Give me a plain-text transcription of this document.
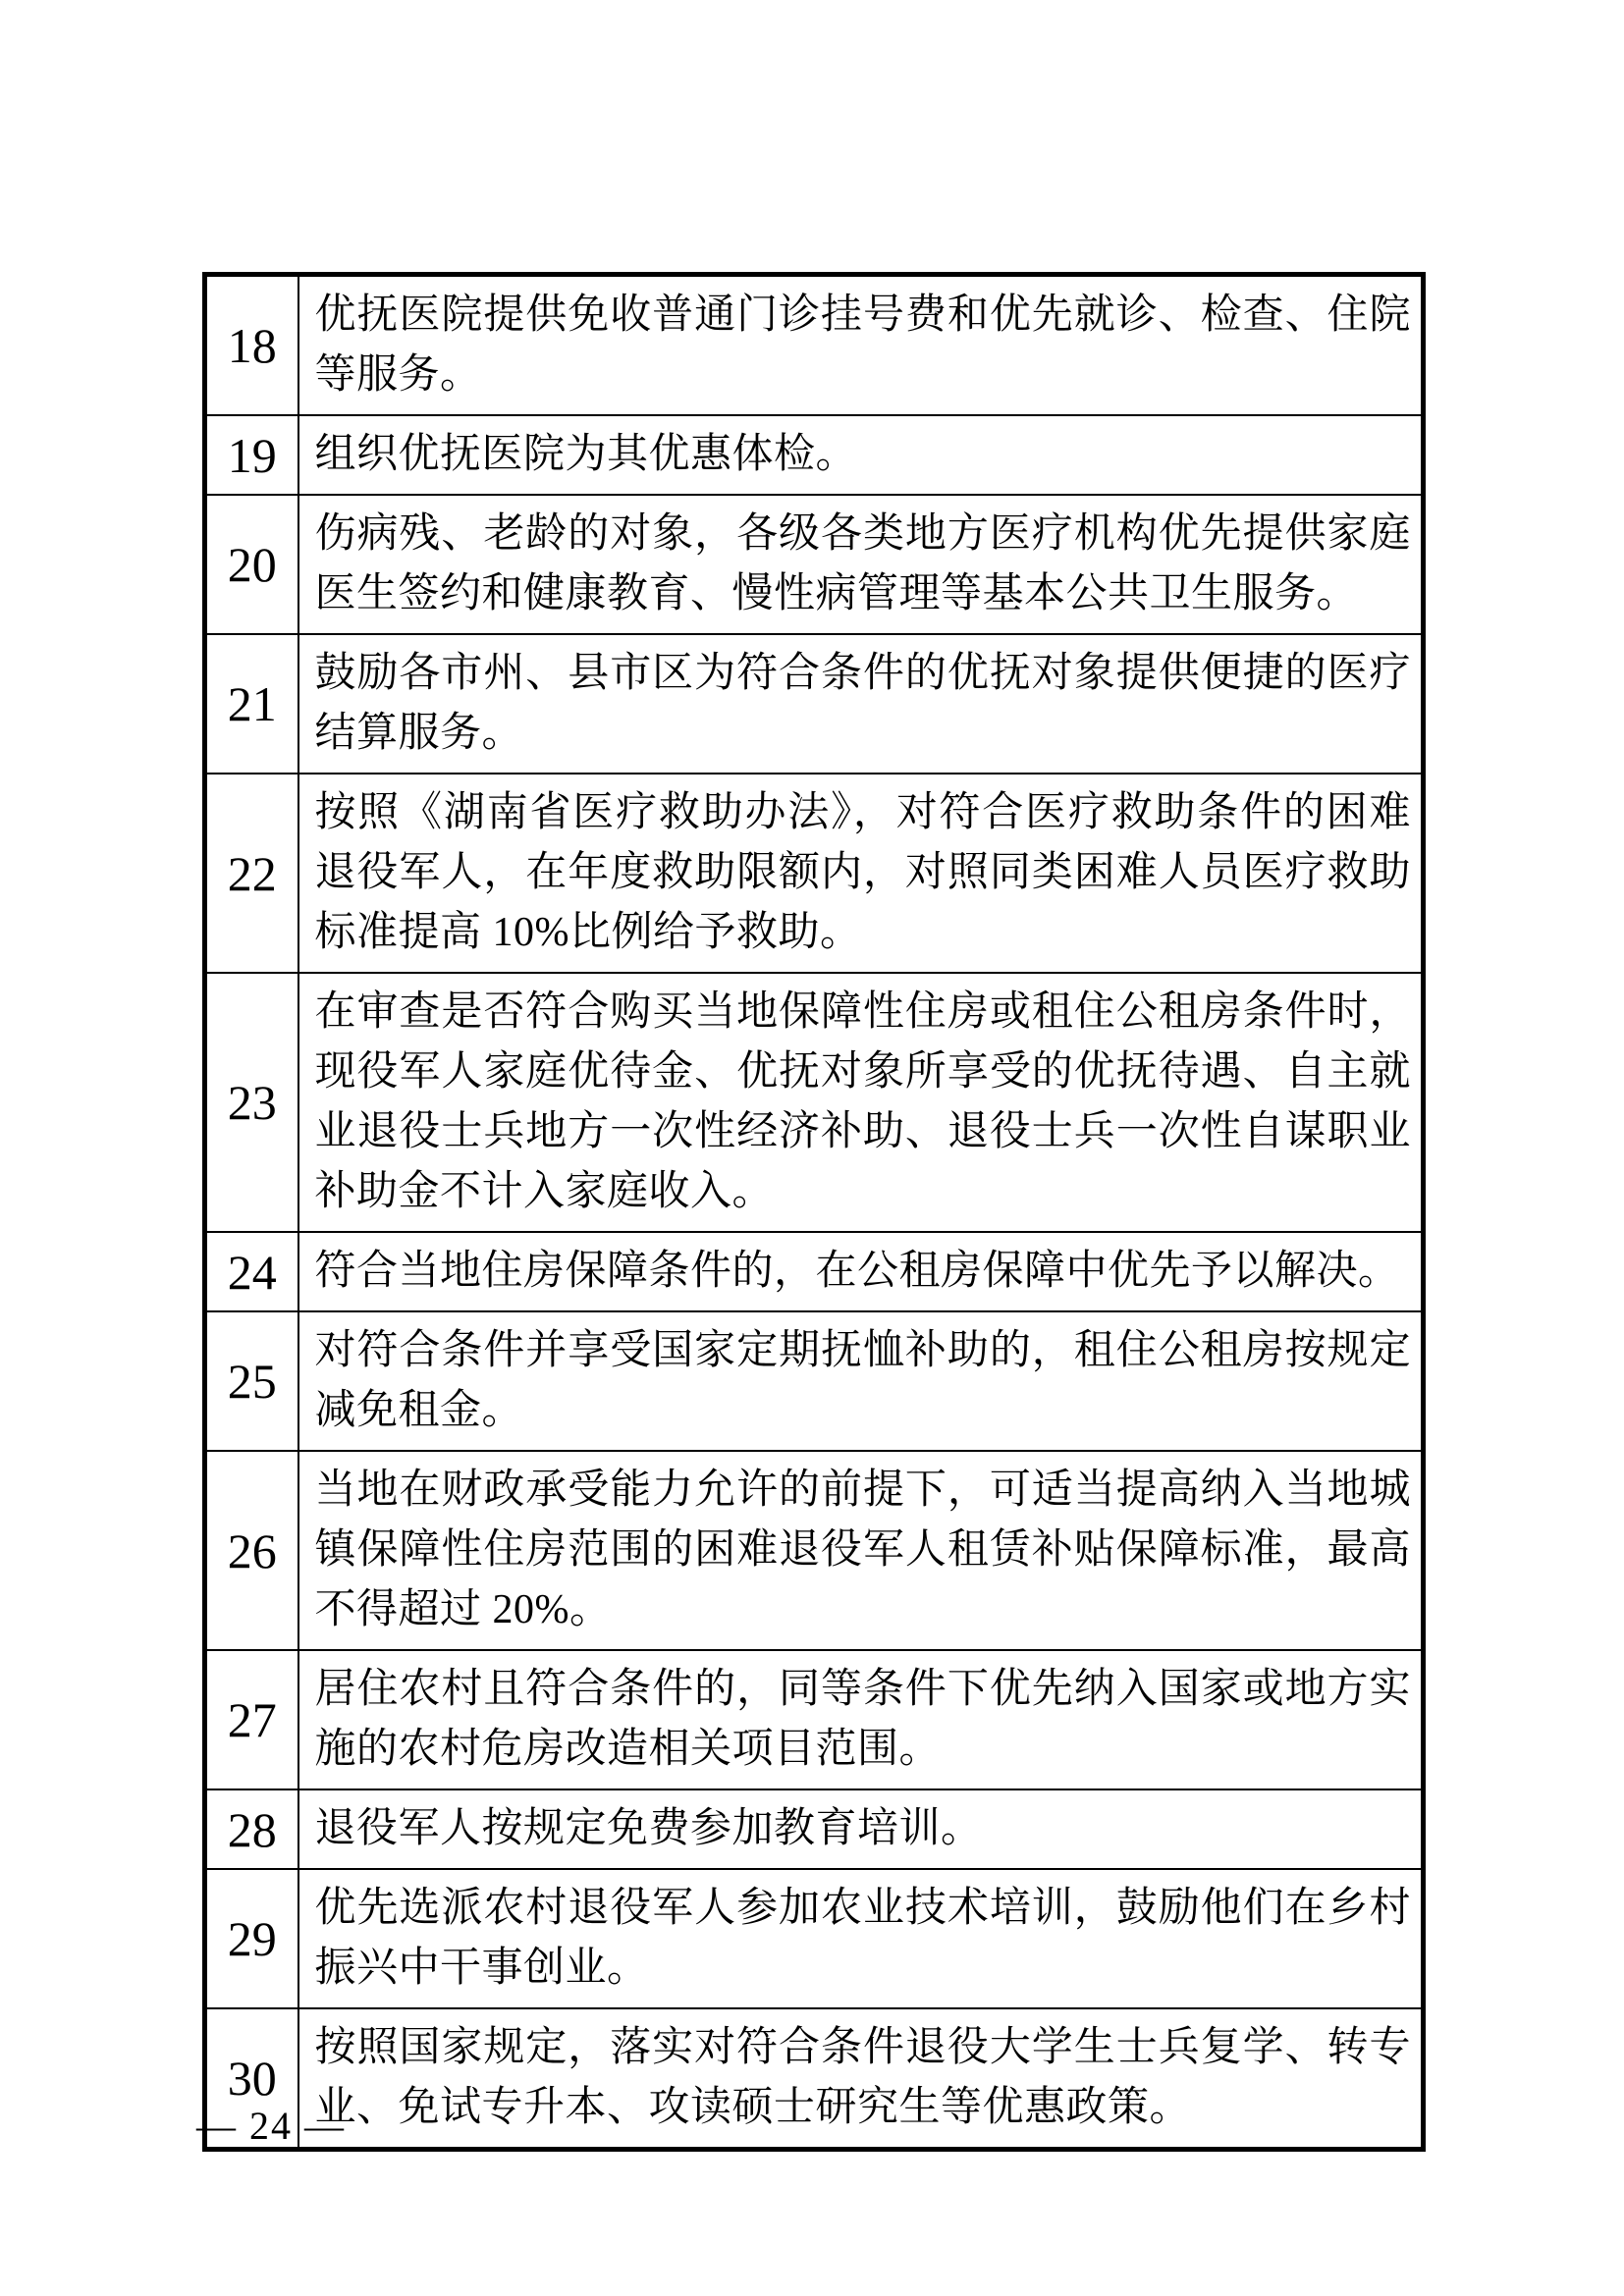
18	优抚医院提供免收普通门诊挂号费和优先就诊、检查、住院等服务。
19	组织优抚医院为其优惠体检。
20	伤病残、老龄的对象，各级各类地方医疗机构优先提供家庭医生签约和健康教育、慢性病管理等基本公共卫生服务。
21	鼓励各市州、县市区为符合条件的优抚对象提供便捷的医疗结算服务。
22	按照《湖南省医疗救助办法》，对符合医疗救助条件的困难退役军人，在年度救助限额内，对照同类困难人员医疗救助标准提高 10%比例给予救助。
23	在审查是否符合购买当地保障性住房或租住公租房条件时，现役军人家庭优待金、优抚对象所享受的优抚待遇、自主就业退役士兵地方一次性经济补助、退役士兵一次性自谋职业补助金不计入家庭收入。
24	符合当地住房保障条件的，在公租房保障中优先予以解决。
25	对符合条件并享受国家定期抚恤补助的，租住公租房按规定减免租金。
26	当地在财政承受能力允许的前提下，可适当提高纳入当地城镇保障性住房范围的困难退役军人租赁补贴保障标准，最高不得超过 20%。
27	居住农村且符合条件的，同等条件下优先纳入国家或地方实施的农村危房改造相关项目范围。
28	退役军人按规定免费参加教育培训。
29	优先选派农村退役军人参加农业技术培训，鼓励他们在乡村振兴中干事创业。
30	按照国家规定，落实对符合条件退役大学生士兵复学、转专业、免试专升本、攻读硕士研究生等优惠政策。
— 24 —
